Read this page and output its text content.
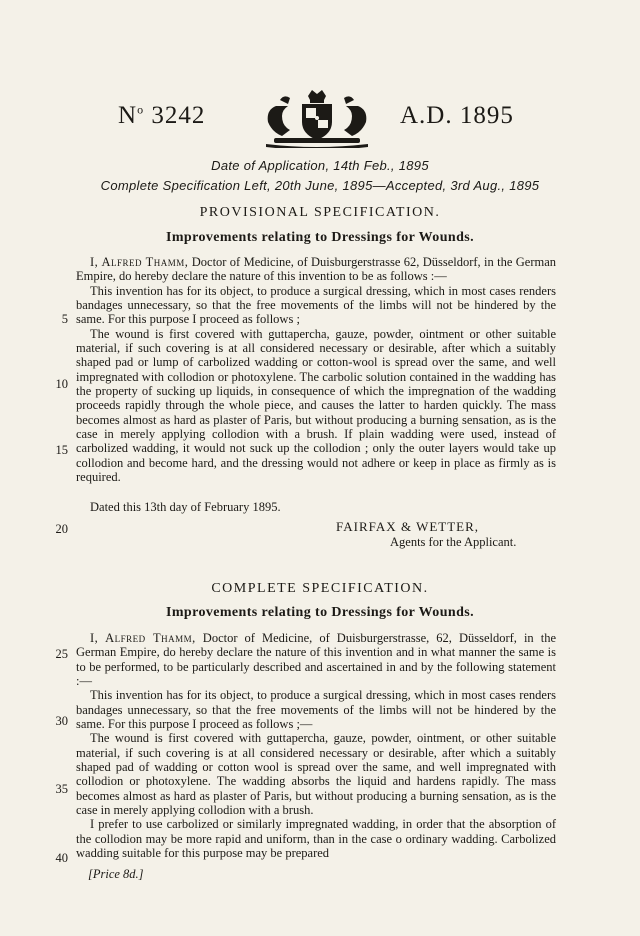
$N^o$ 3242	A.D. 1895
Date of Application, 14th Feb., 1895
Complete Specification Left, 20th June, 1895—Accepted, 3rd Aug., 1895
PROVISIONAL SPECIFICATION.
Improvements relating to Dressings for Wounds.

I, Alfred Thamm, Doctor of Medicine, of Duisburgerstrasse 62, Düsseldorf, in the German Empire, do hereby declare the nature of this invention to be as follows :—

This invention has for its object, to produce a surgical dressing, which in most cases renders bandages unnecessary, so that the free movements of the limbs will not be hindered by the same. For this purpose I proceed as follows ;

The wound is first covered with guttapercha, gauze, powder, ointment or other suitable material, if such covering is at all considered necessary or desirable, after which a suitably shaped pad or lump of carbolized wadding or cotton-wool is spread over the same, and well impregnated with collodion or photoxylene. The carbolic solution contained in the wadding has the property of sucking up liquids, in consequence of which the impregnation of the wadding proceeds rapidly through the whole piece, and causes the latter to harden quickly. The mass becomes almost as hard as plaster of Paris, but without producing a burning sensation, as is the case in merely applying collodion with a brush. If plain wadding were used, instead of carbolized wadding, it would not suck up the collodion ; only the outer layers would take up collodion and become hard, and the dressing would not adhere or keep in place as firmly as is required.

Dated this 13th day of February 1895.
FAIRFAX & WETTER,
Agents for the Applicant.
COMPLETE SPECIFICATION.
Improvements relating to Dressings for Wounds.

I, Alfred Thamm, Doctor of Medicine, of Duisburgerstrasse, 62, Düsseldorf, in the German Empire, do hereby declare the nature of this invention and in what manner the same is to be performed, to be particularly described and ascertained in and by the following statement :—

This invention has for its object, to produce a surgical dressing, which in most cases renders bandages unnecessary, so that the free movements of the limbs will not be hindered by the same. For this purpose I proceed as follows ;—

The wound is first covered with guttapercha, gauze, powder, ointment, or other suitable material, if such covering is at all considered necessary or desirable, after which a suitably shaped pad of wadding or cotton wool is spread over the same, and well impregnated with collodion or photoxylene. The wadding absorbs the liquid and hardens rapidly. The mass becomes almost as hard as plaster of Paris, but without producing a burning sensation, as is the case in merely applying collodion with a brush.

I prefer to use carbolized or similarly impregnated wadding, in order that the absorption of the collodion may be more rapid and uniform, than in the case o ordinary wadding. Carbolized wadding suitable for this purpose may be prepared

[Price 8d.]
5
10
15
20
25
30
35
40
